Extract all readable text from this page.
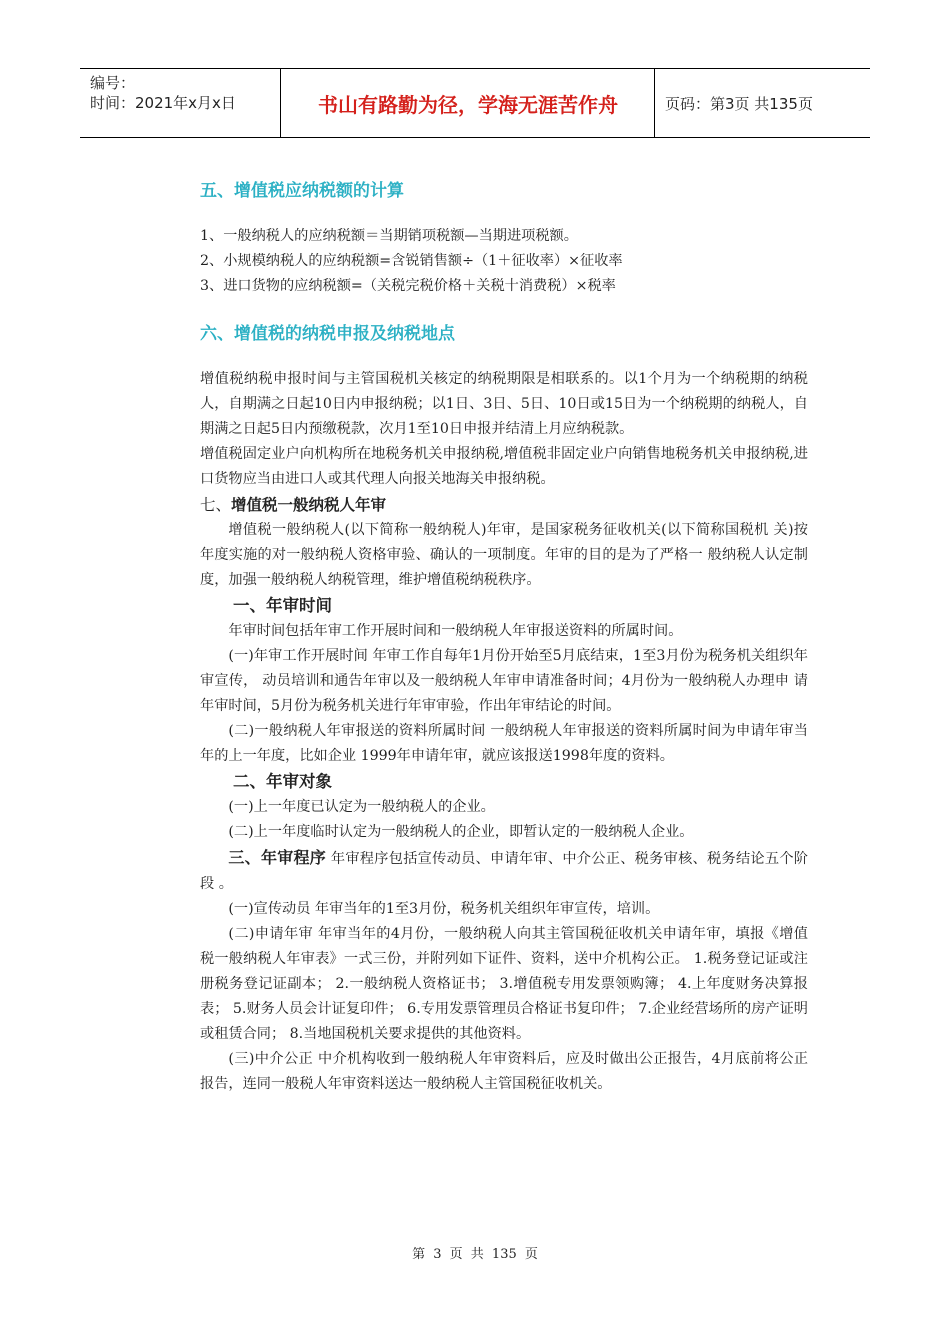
编号：
时间：2021年x月x日	书山有路勤为径，学海无涯苦作舟	页码：第3页 共135页
五、增值税应纳税额的计算

1、一般纳税人的应纳税额＝当期销项税额—当期进项税额。

2、小规模纳税人的应纳税额=含锐销售额÷（1＋征收率）×征收率

3、进口货物的应纳税额=（关税完税价格＋关税十消费税）×税率

六、增值税的纳税申报及纳税地点

增值税纳税申报时间与主管国税机关核定的纳税期限是相联系的。以1个月为一个纳税期的纳税人，自期满之日起10日内申报纳税；以1日、3日、5日、10日或15日为一个纳税期的纳税人，自期满之日起5日内预缴税款，次月1至10日申报并结清上月应纳税款。

增值税固定业户向机构所在地税务机关申报纳税,增值税非固定业户向销售地税务机关申报纳税,进口货物应当由进口人或其代理人向报关地海关申报纳税。

七、增值税一般纳税人年审

增值税一般纳税人(以下简称一般纳税人)年审，是国家税务征收机关(以下简称国税机 关)按年度实施的对一般纳税人资格审验、确认的一项制度。年审的目的是为了严格一 般纳税人认定制度，加强一般纳税人纳税管理，维护增值税纳税秩序。

一、年审时间

年审时间包括年审工作开展时间和一般纳税人年审报送资料的所属时间。

(一)年审工作开展时间 年审工作自每年1月份开始至5月底结束，1至3月份为税务机关组织年审宣传， 动员培训和通告年审以及一般纳税人年审申请准备时间；4月份为一般纳税人办理申 请年审时间，5月份为税务机关进行年审审验，作出年审结论的时间。

(二)一般纳税人年审报送的资料所属时间 一般纳税人年审报送的资料所属时间为申请年审当年的上一年度，比如企业 1999年申请年审，就应该报送1998年度的资料。

二、年审对象

(一)上一年度已认定为一般纳税人的企业。

(二)上一年度临时认定为一般纳税人的企业，即暂认定的一般纳税人企业。

三、年审程序 年审程序包括宣传动员、申请年审、中介公正、税务审核、税务结论五个阶段 。

(一)宣传动员 年审当年的1至3月份，税务机关组织年审宣传，培训。

(二)申请年审 年审当年的4月份，一般纳税人向其主管国税征收机关申请年审，填报《增值 税一般纳税人年审表》一式三份，并附列如下证件、资料，送中介机构公正。 1.税务登记证或注册税务登记证副本； 2.一般纳税人资格证书； 3.增值税专用发票领购簿； 4.上年度财务决算报表； 5.财务人员会计证复印件； 6.专用发票管理员合格证书复印件； 7.企业经营场所的房产证明或租赁合同； 8.当地国税机关要求提供的其他资料。

(三)中介公正 中介机构收到一般纳税人年审资料后，应及时做出公正报告，4月底前将公正 报告，连同一般税人年审资料送达一般纳税人主管国税征收机关。

第 3 页 共 135 页
